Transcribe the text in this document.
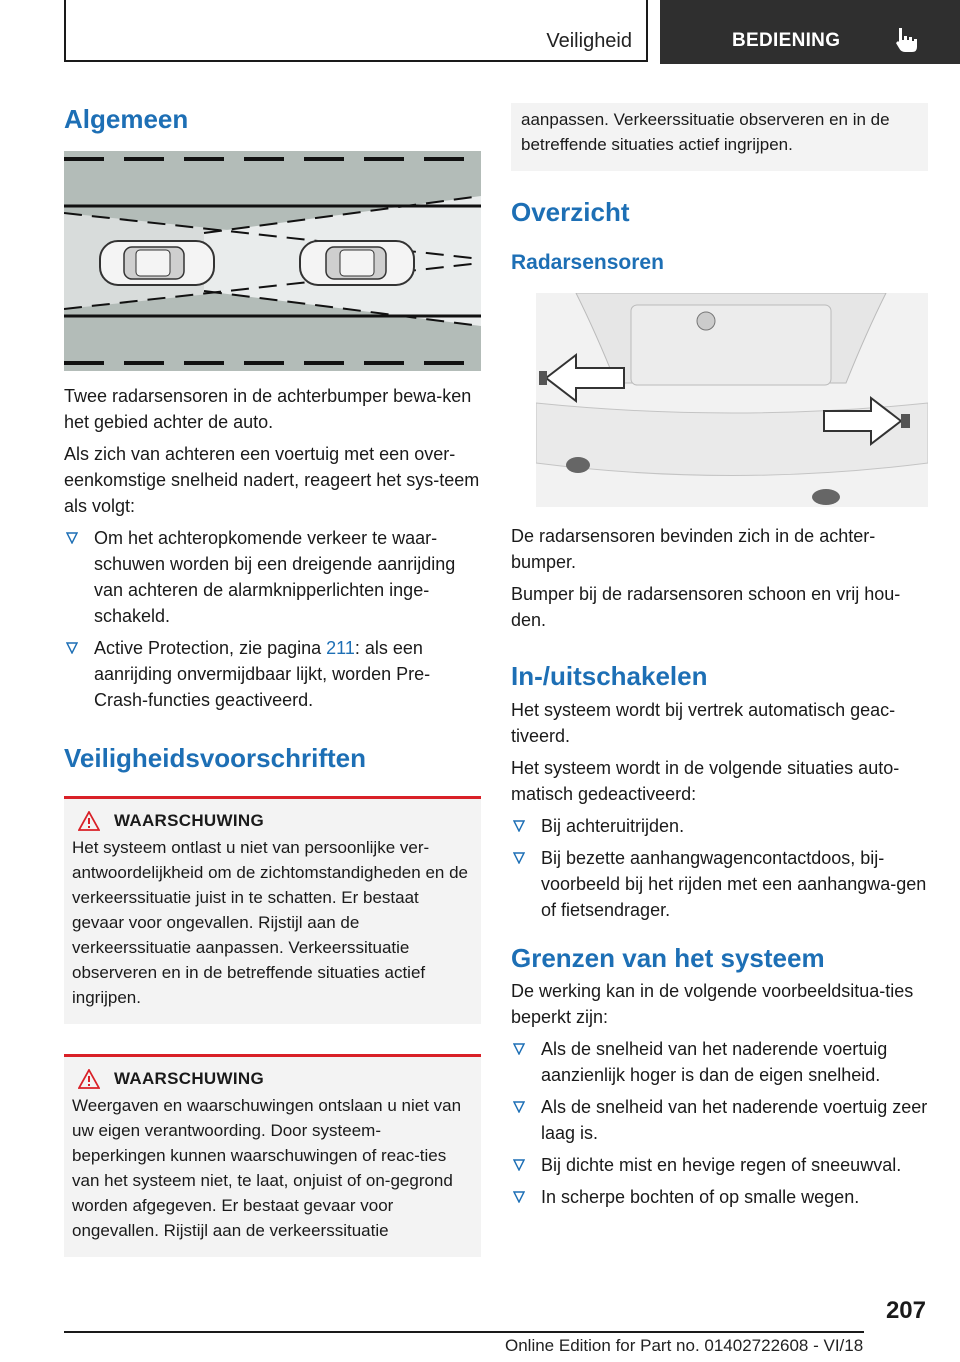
Veiligheid	BEDIENING
Algemeen

Twee radarsensoren in de achterbumper bewa-ken het gebied achter de auto.

Als zich van achteren een voertuig met een over-eenkomstige snelheid nadert, reageert het sys-teem als volgt:

Om het achteropkomende verkeer te waar-schuwen worden bij een dreigende aanrijding van achteren de alarmknipperlichten inge-schakeld.
Active Protection, zie pagina 211: als een aanrijding onvermijdbaar lijkt, worden Pre-Crash-functies geactiveerd.
Veiligheidsvoorschriften
WAARSCHUWING

Het systeem ontlast u niet van persoonlijke ver-antwoordelijkheid om de zichtomstandigheden en de verkeerssituatie juist in te schatten. Er bestaat gevaar voor ongevallen. Rijstijl aan de verkeerssituatie aanpassen. Verkeerssituatie observeren en in de betreffende situaties actief ingrijpen.

WAARSCHUWING

Weergaven en waarschuwingen ontslaan u niet van uw eigen verantwoording. Door systeem-beperkingen kunnen waarschuwingen of reac-ties van het systeem niet, te laat, onjuist of on-gegrond worden afgegeven. Er bestaat gevaar voor ongevallen. Rijstijl aan de verkeerssituatie

aanpassen. Verkeerssituatie observeren en in de betreffende situaties actief ingrijpen.

Overzicht
Radarsensoren

De radarsensoren bevinden zich in de achter-bumper.

Bumper bij de radarsensoren schoon en vrij hou-den.

In-/uitschakelen

Het systeem wordt bij vertrek automatisch geac-tiveerd.

Het systeem wordt in de volgende situaties auto-matisch gedeactiveerd:

Bij achteruitrijden.
Bij bezette aanhangwagencontactdoos, bij-voorbeeld bij het rijden met een aanhangwa-gen of fietsendrager.
Grenzen van het systeem

De werking kan in de volgende voorbeeldsitua-ties beperkt zijn:

Als de snelheid van het naderende voertuig aanzienlijk hoger is dan de eigen snelheid.
Als de snelheid van het naderende voertuig zeer laag is.
Bij dichte mist en hevige regen of sneeuwval.
In scherpe bochten of op smalle wegen.
207
Online Edition for Part no. 01402722608 - VI/18
